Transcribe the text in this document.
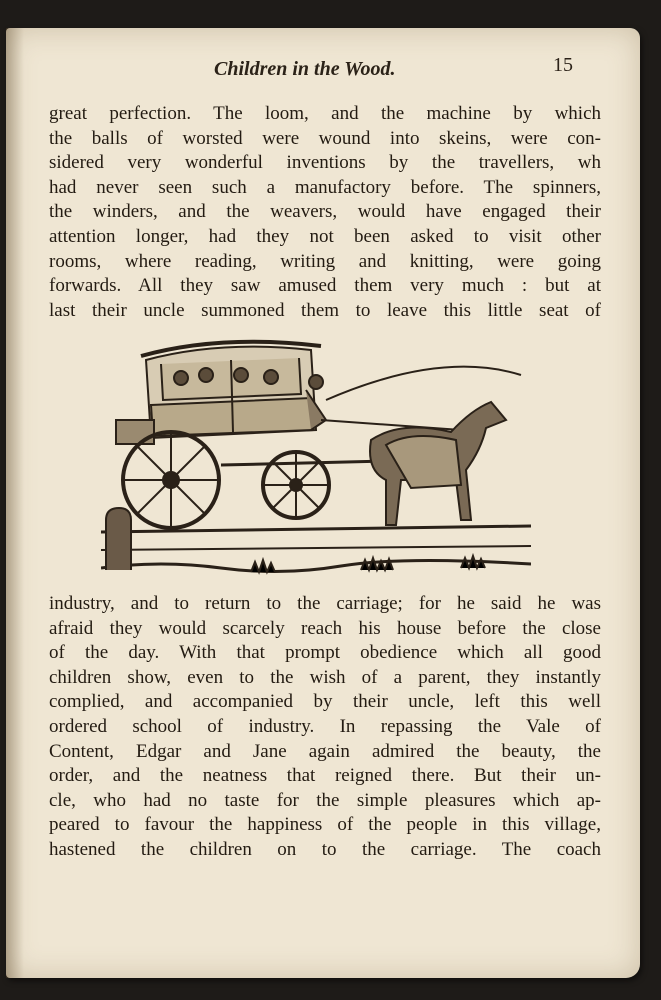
Children in the Wood.	15
great perfection. The loom, and the machine by which
the balls of worsted were wound into skeins, were con-
sidered very wonderful inventions by the travellers, wh
had never seen such a manufactory before. The spinners,
the winders, and the weavers, would have engaged their
attention longer, had they not been asked to visit other
rooms, where reading, writing and knitting, were going
forwards. All they saw amused them very much : but at
last their uncle summoned them to leave this little seat of
industry, and to return to the carriage; for he said he was
afraid they would scarcely reach his house before the close
of the day. With that prompt obedience which all good
children show, even to the wish of a parent, they instantly
complied, and accompanied by their uncle, left this well
ordered school of industry. In repassing the Vale of
Content, Edgar and Jane again admired the beauty, the
order, and the neatness that reigned there. But their un-
cle, who had no taste for the simple pleasures which ap-
peared to favour the happiness of the people in this village,
hastened the children on to the carriage. The coach
